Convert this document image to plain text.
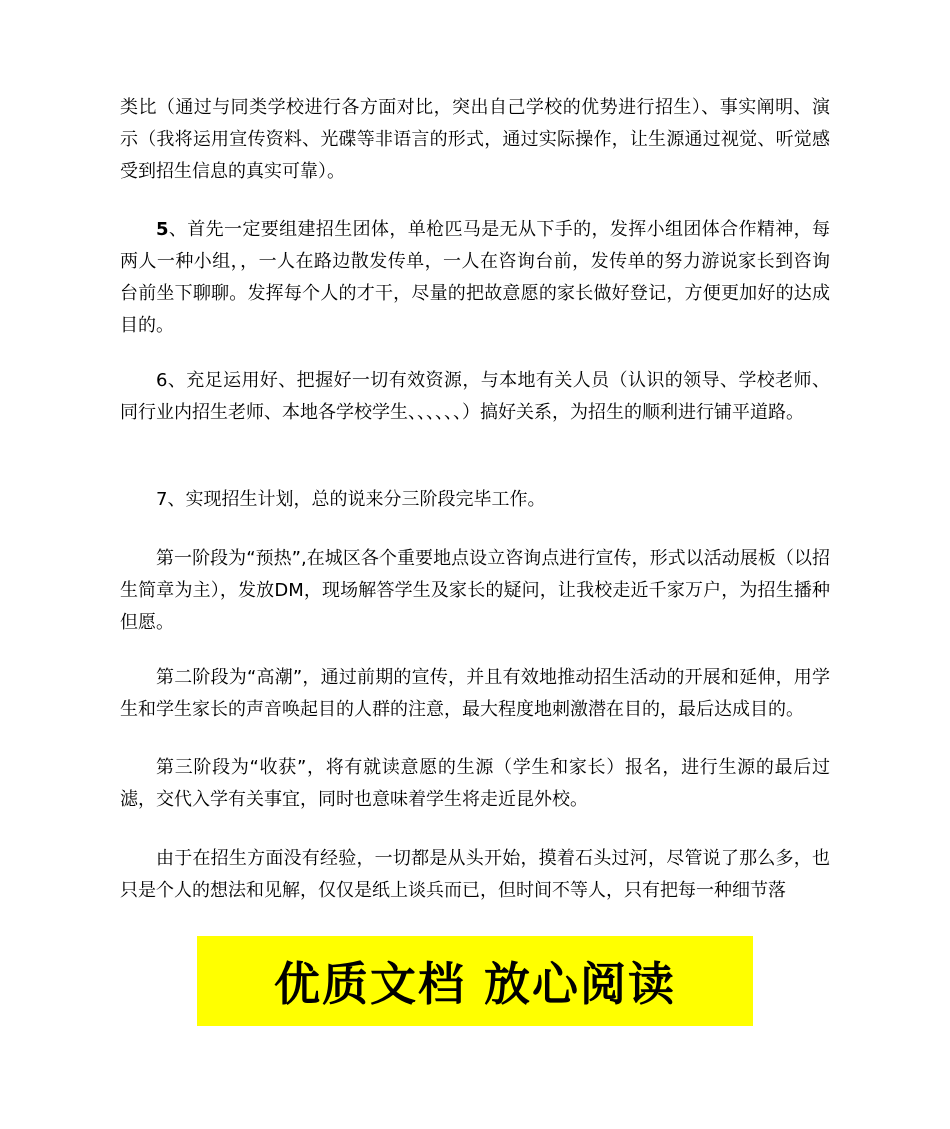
类比（通过与同类学校进行各方面对比，突出自己学校的优势进行招生）、事实阐明、演示（我将运用宣传资料、光碟等非语言的形式，通过实际操作，让生源通过视觉、听觉感受到招生信息的真实可靠）。

5、首先一定要组建招生团体，单枪匹马是无从下手的，发挥小组团体合作精神，每两人一种小组，，一人在路边散发传单，一人在咨询台前，发传单的努力游说家长到咨询台前坐下聊聊。发挥每个人的才干，尽量的把故意愿的家长做好登记，方便更加好的达成目的。

6、充足运用好、把握好一切有效资源，与本地有关人员（认识的领导、学校老师、同行业内招生老师、本地各学校学生、、、、、、）搞好关系，为招生的顺利进行铺平道路。

7、实现招生计划，总的说来分三阶段完毕工作。

第一阶段为“预热”,在城区各个重要地点设立咨询点进行宣传，形式以活动展板（以招生简章为主），发放DM，现场解答学生及家长的疑问，让我校走近千家万户，为招生播种但愿。

第二阶段为“高潮”，通过前期的宣传，并且有效地推动招生活动的开展和延伸，用学生和学生家长的声音唤起目的人群的注意，最大程度地刺激潜在目的，最后达成目的。

第三阶段为“收获”，将有就读意愿的生源（学生和家长）报名，进行生源的最后过滤，交代入学有关事宜，同时也意味着学生将走近昆外校。

由于在招生方面没有经验，一切都是从头开始，摸着石头过河，尽管说了那么多，也只是个人的想法和见解，仅仅是纸上谈兵而已，但时间不等人，只有把每一种细节落

优质文档 放心阅读
